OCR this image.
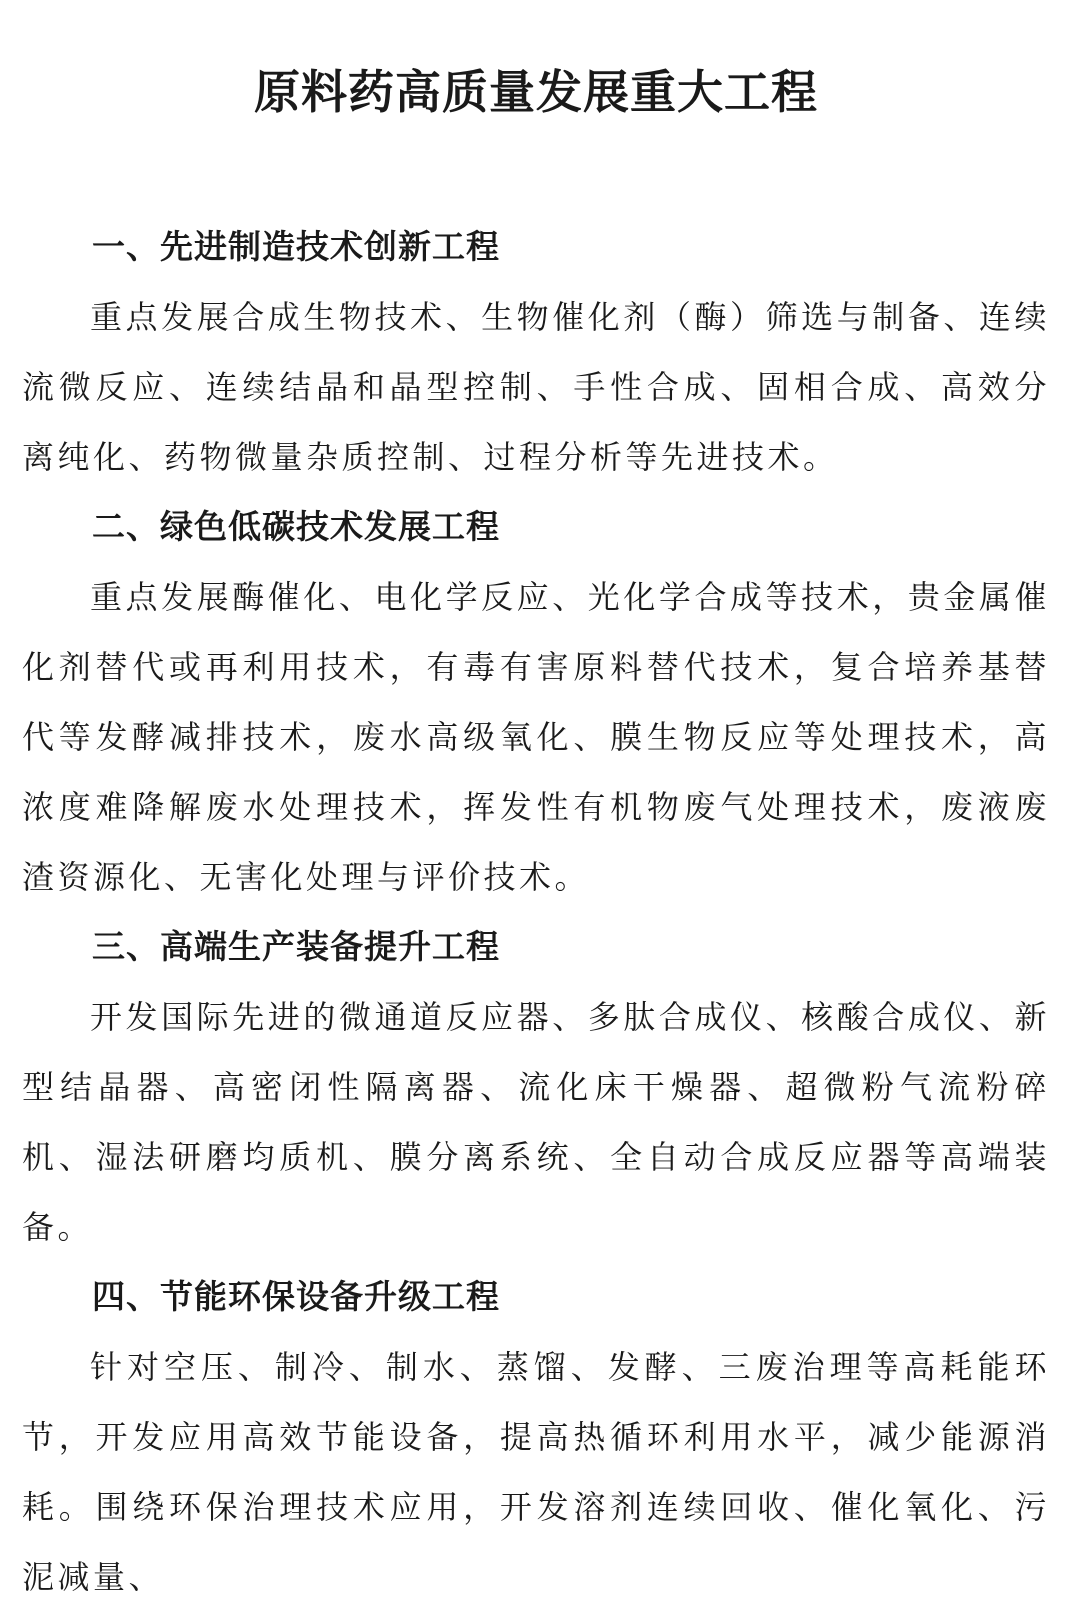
原料药高质量发展重大工程
一、先进制造技术创新工程

重点发展合成生物技术、生物催化剂（酶）筛选与制备、连续流微反应、连续结晶和晶型控制、手性合成、固相合成、高效分离纯化、药物微量杂质控制、过程分析等先进技术。

二、绿色低碳技术发展工程

重点发展酶催化、电化学反应、光化学合成等技术，贵金属催化剂替代或再利用技术，有毒有害原料替代技术，复合培养基替代等发酵减排技术，废水高级氧化、膜生物反应等处理技术，高浓度难降解废水处理技术，挥发性有机物废气处理技术，废液废渣资源化、无害化处理与评价技术。

三、高端生产装备提升工程

开发国际先进的微通道反应器、多肽合成仪、核酸合成仪、新型结晶器、高密闭性隔离器、流化床干燥器、超微粉气流粉碎机、湿法研磨均质机、膜分离系统、全自动合成反应器等高端装备。

四、节能环保设备升级工程

针对空压、制冷、制水、蒸馏、发酵、三废治理等高耗能环节，开发应用高效节能设备，提高热循环利用水平，减少能源消耗。围绕环保治理技术应用，开发溶剂连续回收、催化氧化、污泥减量、
